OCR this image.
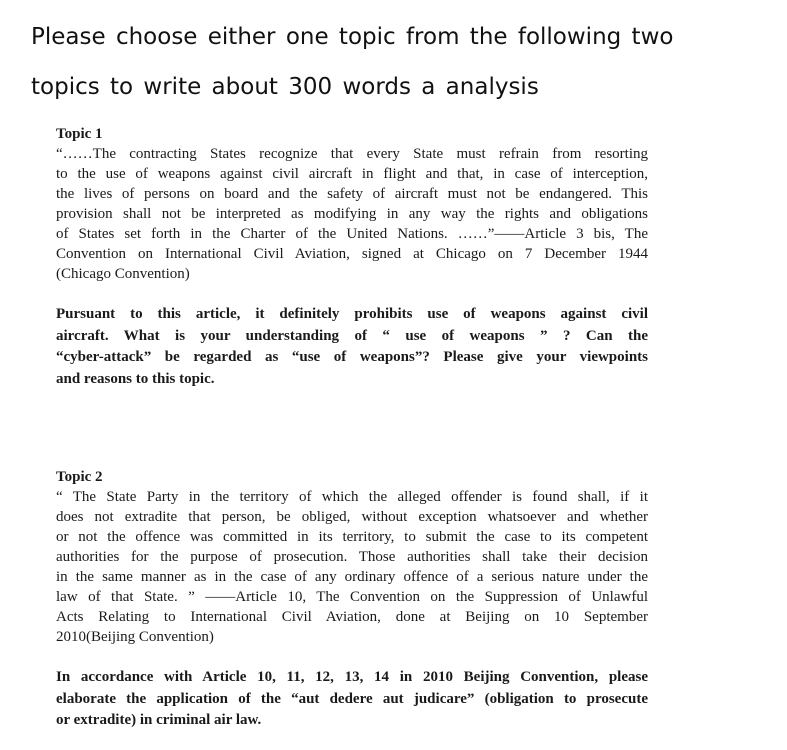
Please choose either one topic from the following two
topics to write about 300 words a analysis

Topic 1

“……The contracting States recognize that every State must refrain from resorting
to the use of weapons against civil aircraft in flight and that, in case of interception,
the lives of persons on board and the safety of aircraft must not be endangered. This
provision shall not be interpreted as modifying in any way the rights and obligations
of States set forth in the Charter of the United Nations. ……”——Article 3 bis, The
Convention on International Civil Aviation, signed at Chicago on 7 December 1944
(Chicago Convention)
Pursuant to this article, it definitely prohibits use of weapons against civil
aircraft. What is your understanding of “ use of weapons ” ? Can the
“cyber-attack” be regarded as “use of weapons”? Please give your viewpoints
and reasons to this topic.

Topic 2

“ The State Party in the territory of which the alleged offender is found shall, if it
does not extradite that person, be obliged, without exception whatsoever and whether
or not the offence was committed in its territory, to submit the case to its competent
authorities for the purpose of prosecution. Those authorities shall take their decision
in the same manner as in the case of any ordinary offence of a serious nature under the
law of that State. ” ——Article 10, The Convention on the Suppression of Unlawful
Acts Relating to International Civil Aviation, done at Beijing on 10 September
2010(Beijing Convention)
In accordance with Article 10, 11, 12, 13, 14 in 2010 Beijing Convention, please
elaborate the application of the “aut dedere aut judicare” (obligation to prosecute
or extradite) in criminal air law.
